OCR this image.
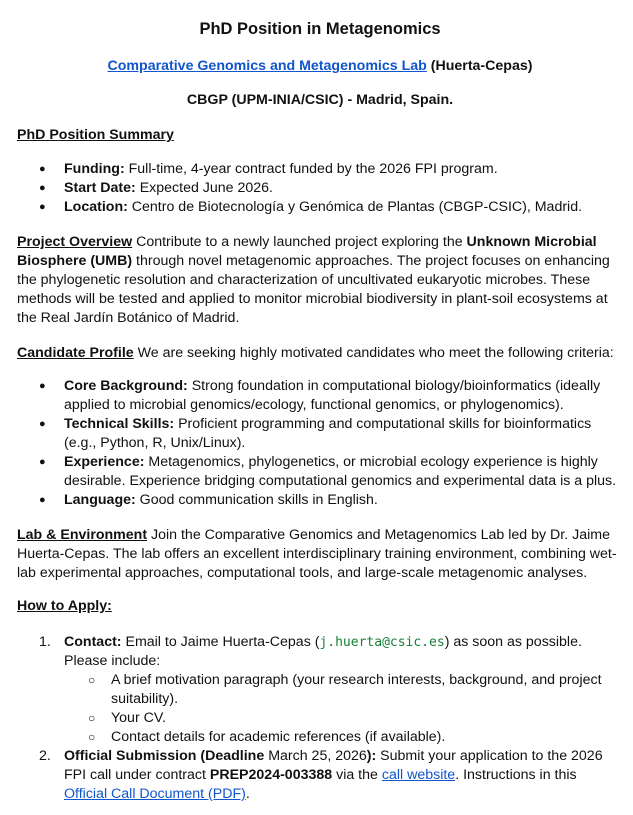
PhD Position in Metagenomics
Comparative Genomics and Metagenomics Lab (Huerta-Cepas)
CBGP (UPM-INIA/CSIC) - Madrid, Spain.
PhD Position Summary
● Funding: Full-time, 4-year contract funded by the 2026 FPI program.
● Start Date: Expected June 2026.
● Location: Centro de Biotecnología y Genómica de Plantas (CBGP-CSIC), Madrid.
Project Overview Contribute to a newly launched project exploring the Unknown Microbial Biosphere (UMB) through novel metagenomic approaches. The project focuses on enhancing the phylogenetic resolution and characterization of uncultivated eukaryotic microbes. These methods will be tested and applied to monitor microbial biodiversity in plant-soil ecosystems at the Real Jardín Botánico of Madrid.
Candidate Profile We are seeking highly motivated candidates who meet the following criteria:
● Core Background: Strong foundation in computational biology/bioinformatics (ideally applied to microbial genomics/ecology, functional genomics, or phylogenomics).
● Technical Skills: Proficient programming and computational skills for bioinformatics (e.g., Python, R, Unix/Linux).
● Experience: Metagenomics, phylogenetics, or microbial ecology experience is highly desirable. Experience bridging computational genomics and experimental data is a plus.
● Language: Good communication skills in English.
Lab & Environment Join the Comparative Genomics and Metagenomics Lab led by Dr. Jaime Huerta-Cepas. The lab offers an excellent interdisciplinary training environment, combining wet-lab experimental approaches, computational tools, and large-scale metagenomic analyses.
How to Apply:
1. Contact: Email to Jaime Huerta-Cepas (j.huerta@csic.es) as soon as possible. Please include:
○ A brief motivation paragraph (your research interests, background, and project suitability).
○ Your CV.
○ Contact details for academic references (if available).
2. Official Submission (Deadline March 25, 2026): Submit your application to the 2026 FPI call under contract PREP2024-003388 via the call website. Instructions in this Official Call Document (PDF).
